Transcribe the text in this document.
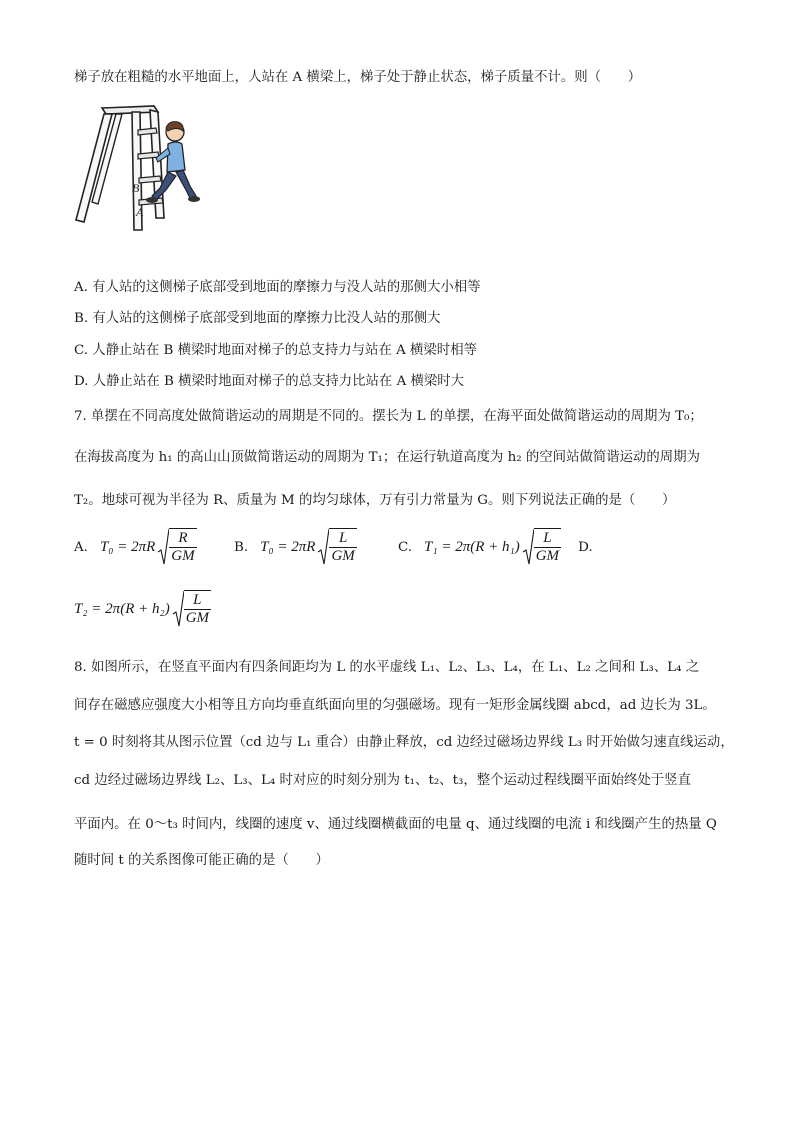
梯子放在粗糙的水平地面上，人站在 A 横梁上，梯子处于静止状态，梯子质量不计。则（　　）
B
A
A. 有人站的这侧梯子底部受到地面的摩擦力与没人站的那侧大小相等
B. 有人站的这侧梯子底部受到地面的摩擦力比没人站的那侧大
C. 人静止站在 B 横梁时地面对梯子的总支持力与站在 A 横梁时相等
D. 人静止站在 B 横梁时地面对梯子的总支持力比站在 A 横梁时大
7. 单摆在不同高度处做简谐运动的周期是不同的。摆长为 L 的单摆，在海平面处做简谐运动的周期为 T₀；
在海拔高度为 h₁ 的高山山顶做简谐运动的周期为 T₁；在运行轨道高度为 h₂ 的空间站做简谐运动的周期为
T₂。地球可视为半径为 R、质量为 M 的均匀球体，万有引力常量为 G。则下列说法正确的是（　　）
A. $T_0 = 2\pi R \frac{R}{GM}$	B. $T_0 = 2\pi R \frac{L}{GM}$	C. $T_1 = 2\pi(R + h_1) \frac{L}{GM} D$.
$T_2 = 2\pi(R + h_2) \frac{L}{GM}$
8. 如图所示，在竖直平面内有四条间距均为 L 的水平虚线 L₁、L₂、L₃、L₄，在 L₁、L₂ 之间和 L₃、L₄ 之
间存在磁感应强度大小相等且方向均垂直纸面向里的匀强磁场。现有一矩形金属线圈 abcd，ad 边长为 3L。
t = 0 时刻将其从图示位置（cd 边与 L₁ 重合）由静止释放，cd 边经过磁场边界线 L₃ 时开始做匀速直线运动，
cd 边经过磁场边界线 L₂、L₃、L₄ 时对应的时刻分别为 t₁、t₂、t₃，整个运动过程线圈平面始终处于竖直
平面内。在 0～t₃ 时间内，线圈的速度 v、通过线圈横截面的电量 q、通过线圈的电流 i 和线圈产生的热量 Q
随时间 t 的关系图像可能正确的是（　　）
